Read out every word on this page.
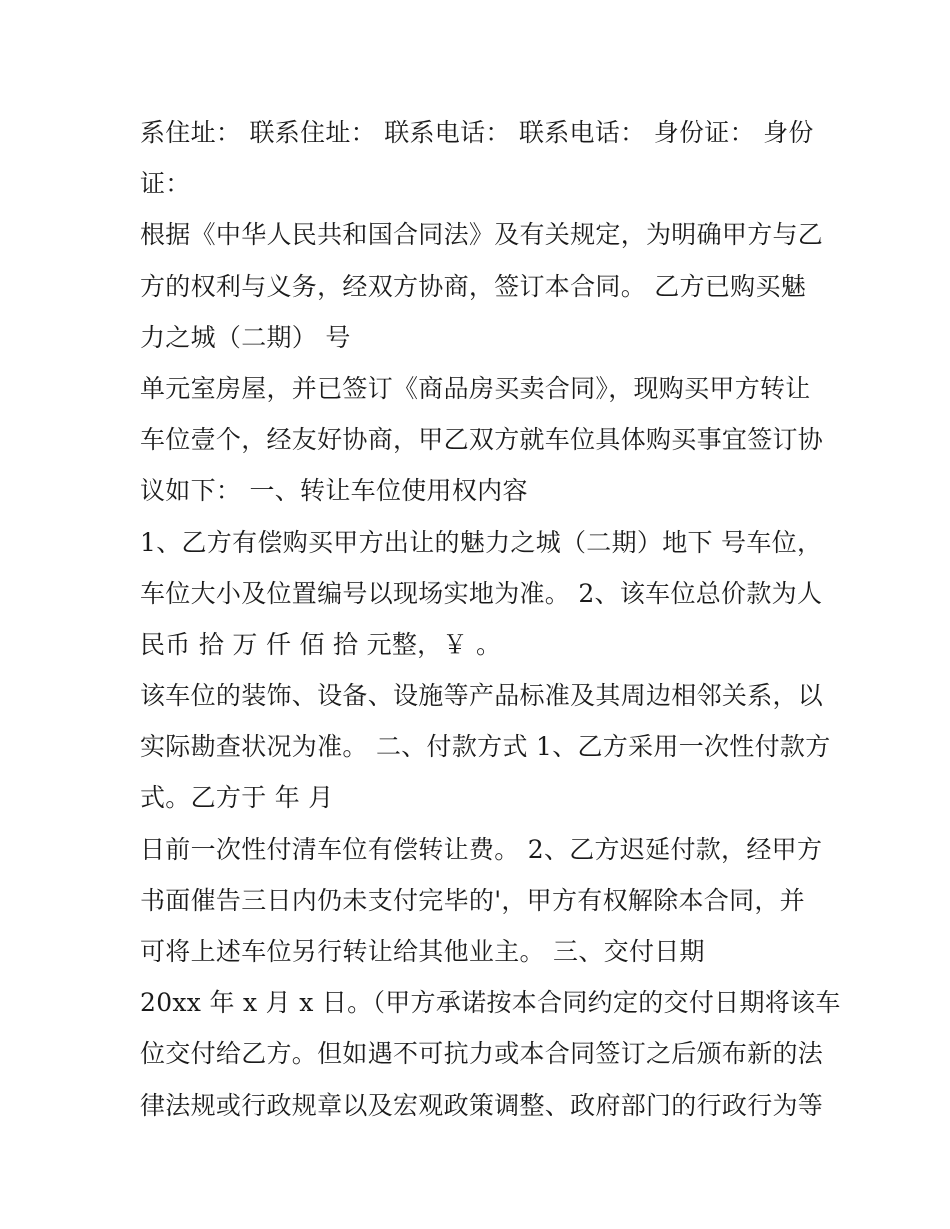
系住址： 联系住址： 联系电话： 联系电话： 身份证： 身份
证：
根据《中华人民共和国合同法》及有关规定，为明确甲方与乙
方的权利与义务，经双方协商，签订本合同。 乙方已购买魅
力之城（二期） 号
单元室房屋，并已签订《商品房买卖合同》，现购买甲方转让
车位壹个，经友好协商，甲乙双方就车位具体购买事宜签订协
议如下： 一、转让车位使用权内容
1、乙方有偿购买甲方出让的魅力之城（二期）地下 号车位，
车位大小及位置编号以现场实地为准。 2、该车位总价款为人
民币 拾 万 仟 佰 拾 元整，￥ 。
该车位的装饰、设备、设施等产品标准及其周边相邻关系，以
实际勘查状况为准。 二、付款方式 1、乙方采用一次性付款方
式。乙方于 年 月
日前一次性付清车位有偿转让费。 2、乙方迟延付款，经甲方
书面催告三日内仍未支付完毕的'，甲方有权解除本合同，并
可将上述车位另行转让给其他业主。 三、交付日期
20xx 年 x 月 x 日。（甲方承诺按本合同约定的交付日期将该车
位交付给乙方。但如遇不可抗力或本合同签订之后颁布新的法
律法规或行政规章以及宏观政策调整、政府部门的行政行为等
